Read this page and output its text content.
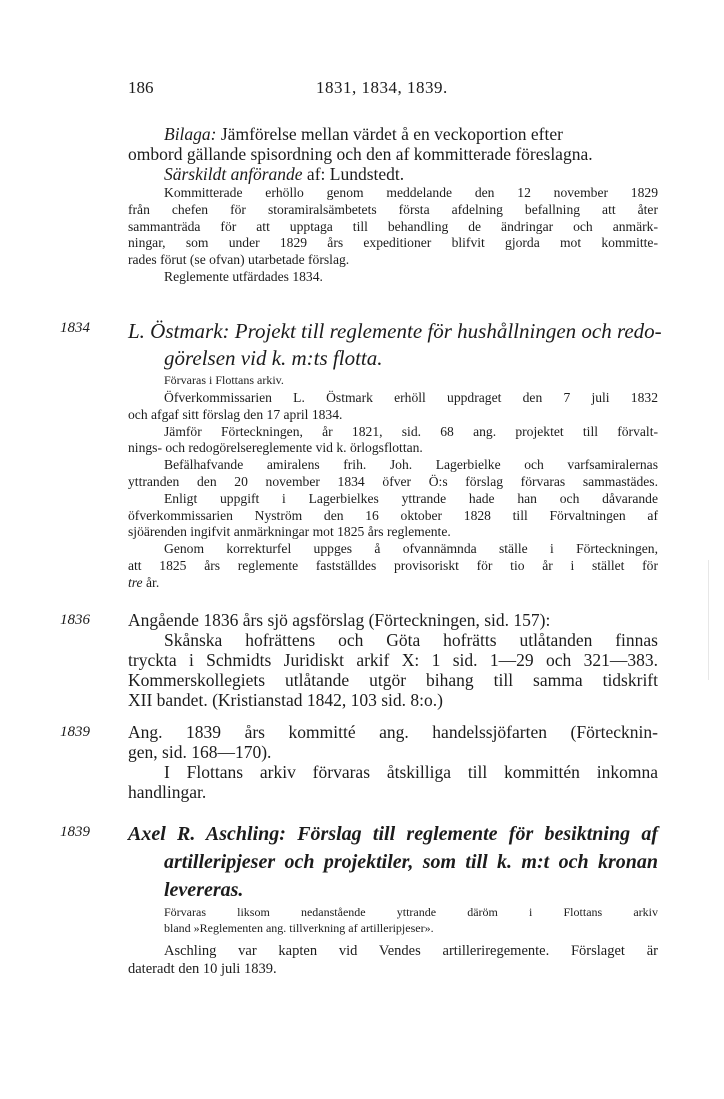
186	1831, 1834, 1839.
Bilaga: Jämförelse mellan värdet å en veckoportion efter
ombord gällande spisordning och den af kommitterade föreslagna.
Särskildt anförande af: Lundstedt.
Kommitterade erhöllo genom meddelande den 12 november 1829
från chefen för storamiralsämbetets första afdelning befallning att åter
sammanträda för att upptaga till behandling de ändringar och anmärk-
ningar, som under 1829 års expeditioner blifvit gjorda mot kommitte-
rades förut (se ofvan) utarbetade förslag.
Reglemente utfärdades 1834.
1834 L. Östmark: Projekt till reglemente för hushållningen och redo-
görelsen vid k. m:ts flotta.
Förvaras i Flottans arkiv.
Öfverkommissarien L. Östmark erhöll uppdraget den 7 juli 1832
och afgaf sitt förslag den 17 april 1834.
Jämför Förteckningen, år 1821, sid. 68 ang. projektet till förvalt-
nings- och redogörelsereglemente vid k. örlogsflottan.
Befälhafvande amiralens frih. Joh. Lagerbielke och varfsamiralernas
yttranden den 20 november 1834 öfver Ö:s förslag förvaras sammastädes.
Enligt uppgift i Lagerbielkes yttrande hade han och dåvarande
öfverkommissarien Nyström den 16 oktober 1828 till Förvaltningen af
sjöärenden ingifvit anmärkningar mot 1825 års reglemente.
Genom korrekturfel uppges å ofvannämnda ställe i Förteckningen,
att 1825 års reglemente fastställdes provisoriskt för tio år i stället för
tre år.
1836 Angående 1836 års sjö agsförslag (Förteckningen, sid. 157):
Skånska hofrättens och Göta hofrätts utlåtanden finnas
tryckta i Schmidts Juridiskt arkif X: 1 sid. 1—29 och 321—383.
Kommerskollegiets utlåtande utgör bihang till samma tidskrift
XII bandet. (Kristianstad 1842, 103 sid. 8:o.)
1839 Ang. 1839 års kommitté ang. handelssjöfarten (Förtecknin-
gen, sid. 168—170).
I Flottans arkiv förvaras åtskilliga till kommittén inkomna
handlingar.
1839 Axel R. Aschling: Förslag till reglemente för besiktning af
artilleripjeser och projektiler, som till k. m:t och kronan
levereras.
Förvaras liksom nedanstående yttrande däröm i Flottans arkiv
bland »Reglementen ang. tillverkning af artilleripjeser».
Aschling var kapten vid Vendes artilleriregemente. Förslaget är
dateradt den 10 juli 1839.
